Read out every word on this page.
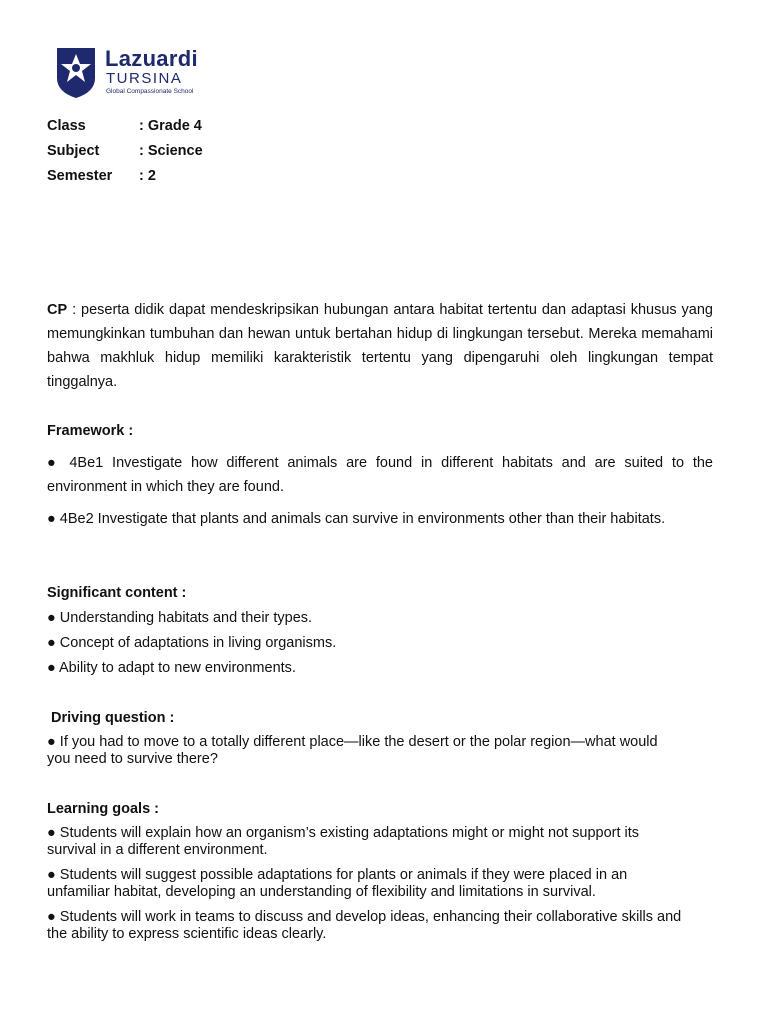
Lazuardi
TURSINA
Global Compassionate School
Class	: Grade 4
Subject	: Science
Semester	: 2

CP : peserta didik dapat mendeskripsikan hubungan antara habitat tertentu dan adaptasi khusus yang memungkinkan tumbuhan dan hewan untuk bertahan hidup di lingkungan tersebut. Mereka memahami bahwa makhluk hidup memiliki karakteristik tertentu yang dipengaruhi oleh lingkungan tempat tinggalnya.

Framework :

● 4Be1 Investigate how different animals are found in different habitats and are suited to the environment in which they are found.

● 4Be2 Investigate that plants and animals can survive in environments other than their habitats.

Significant content :
● Understanding habitats and their types.
● Concept of adaptations in living organisms.
● Ability to adapt to new environments.
Driving question :

● If you had to move to a totally different place—like the desert or the polar region—what would you need to survive there?

Learning goals :

● Students will explain how an organism’s existing adaptations might or might not support its survival in a different environment.

● Students will suggest possible adaptations for plants or animals if they were placed in an unfamiliar habitat, developing an understanding of flexibility and limitations in survival.

● Students will work in teams to discuss and develop ideas, enhancing their collaborative skills and the ability to express scientific ideas clearly.
